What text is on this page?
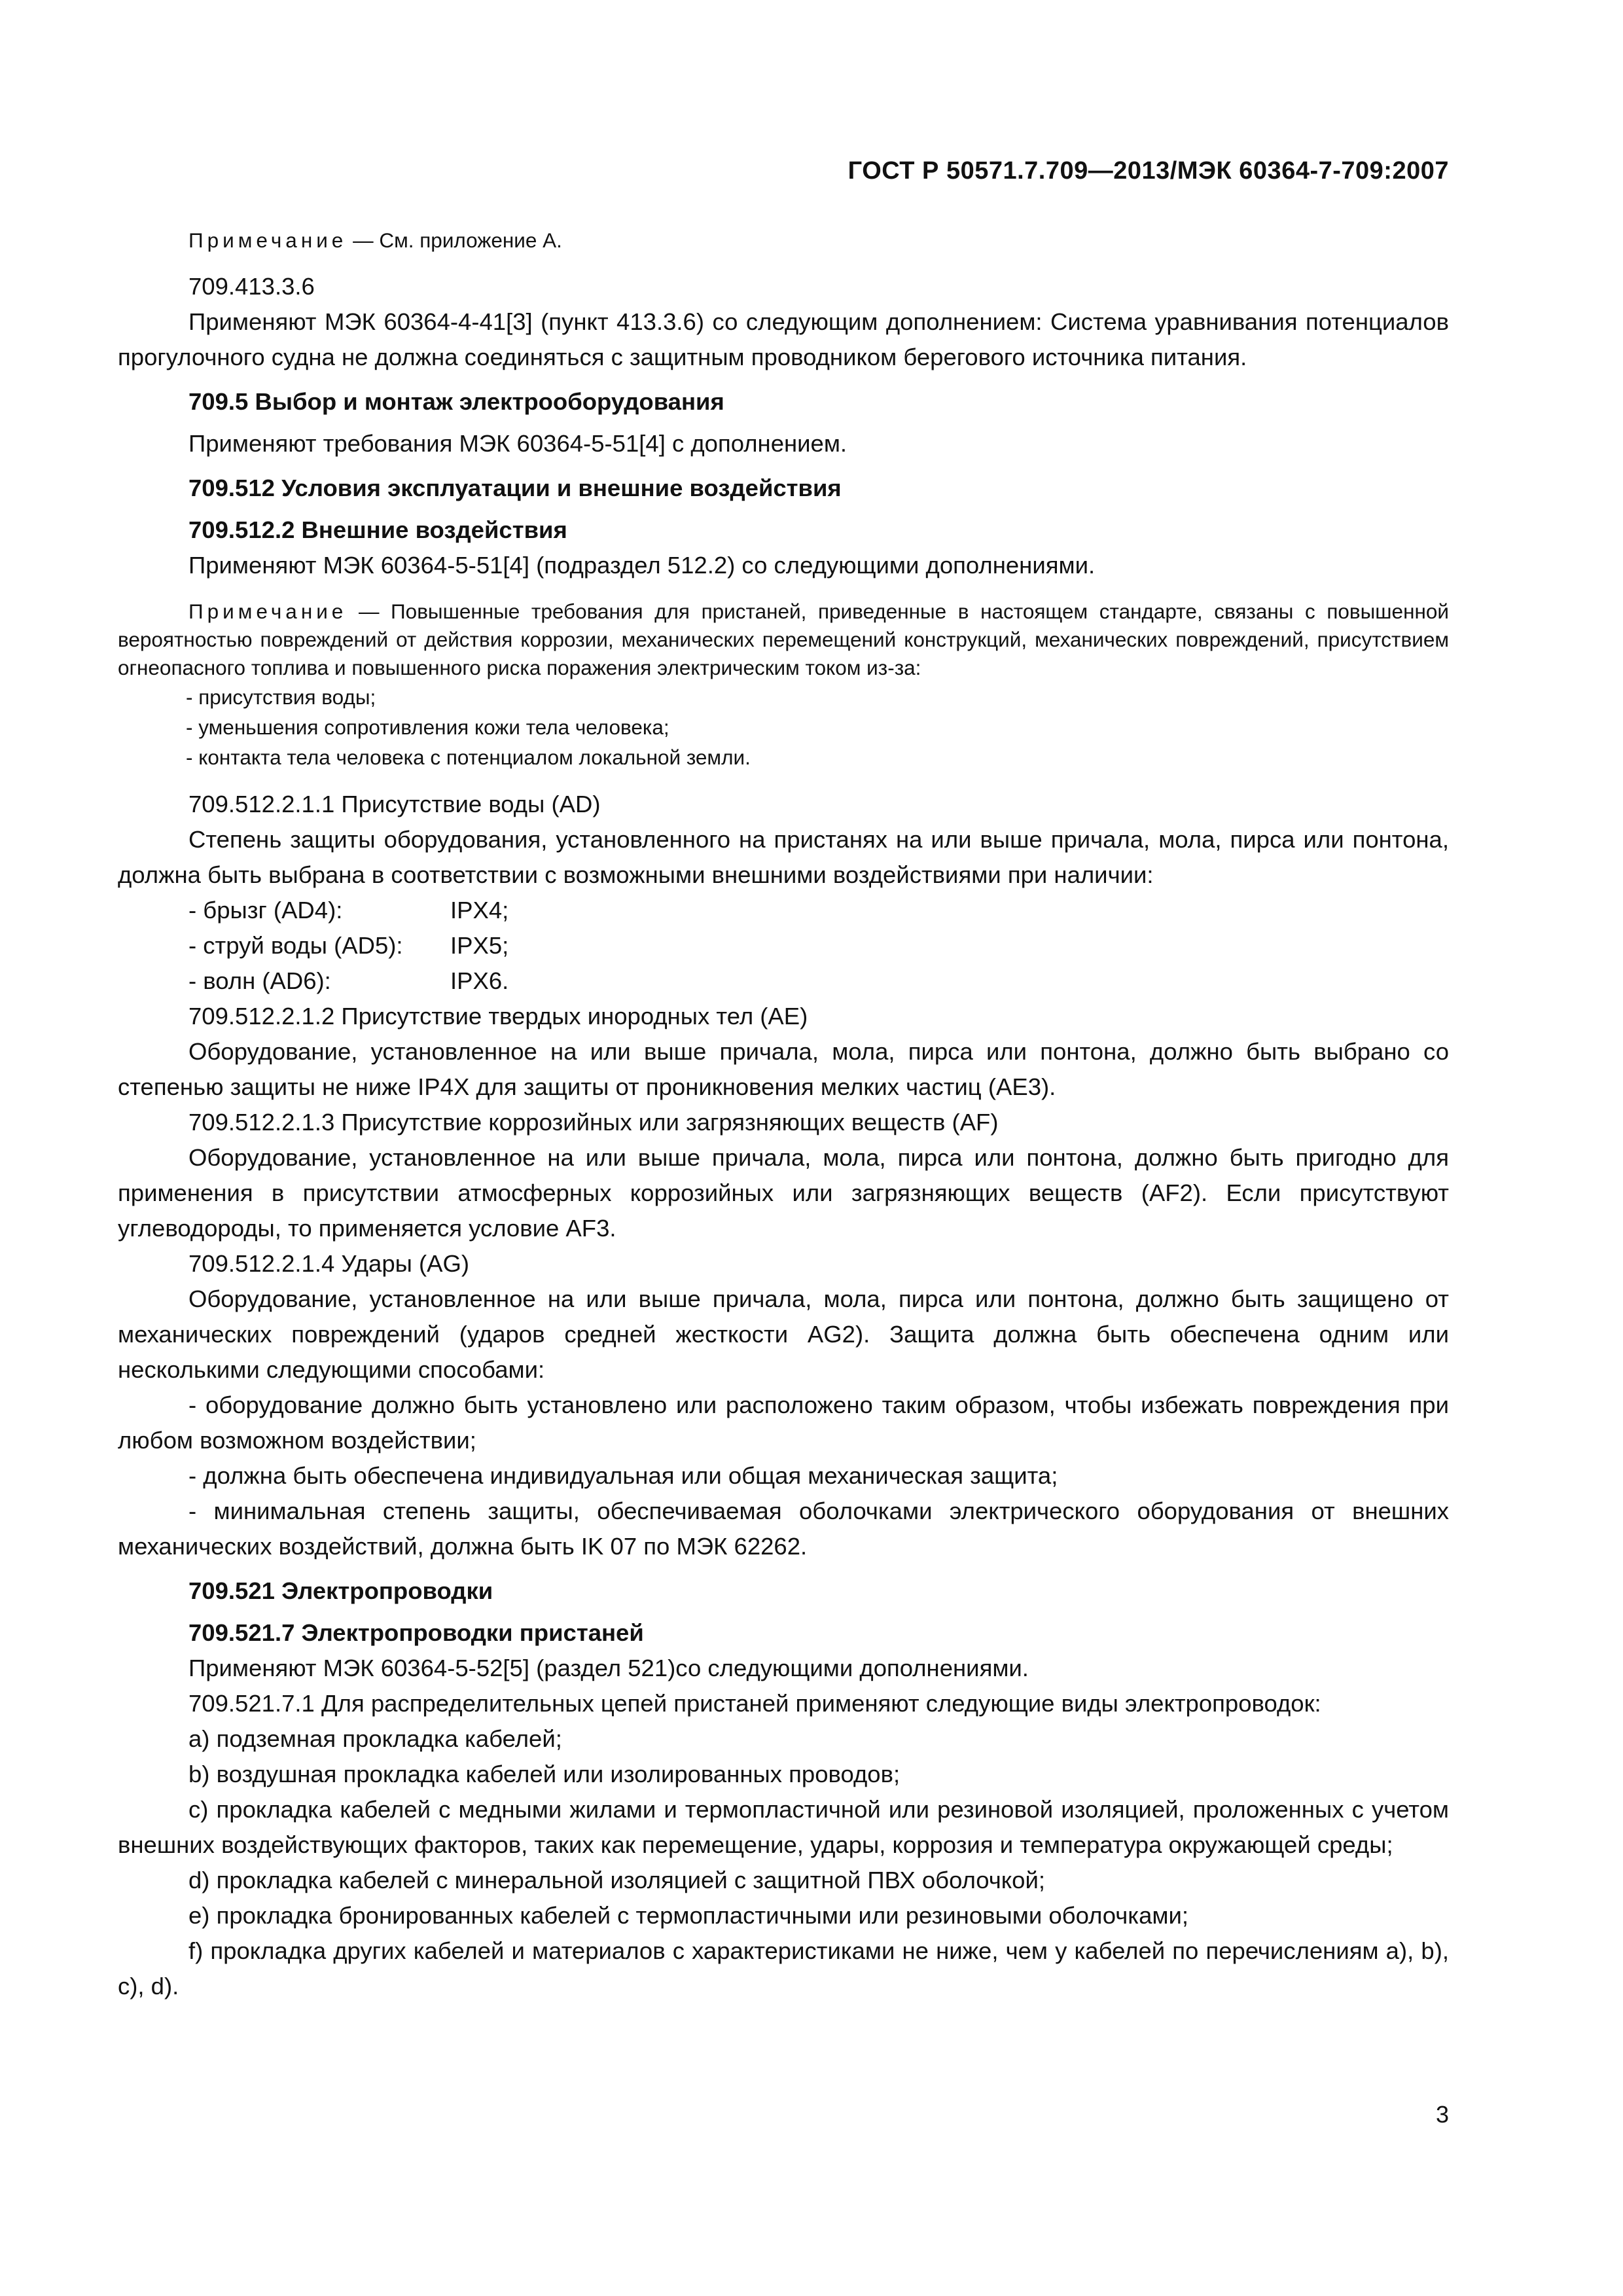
ГОСТ Р 50571.7.709—2013/МЭК 60364-7-709:2007

Примечание — См. приложение А.

709.413.3.6

Применяют МЭК 60364-4-41[3] (пункт 413.3.6) со следующим дополнением: Система уравнивания потенциалов прогулочного судна не должна соединяться с защитным проводником берегового источника питания.

709.5 Выбор и монтаж электрооборудования

Применяют требования МЭК 60364-5-51[4] с дополнением.

709.512 Условия эксплуатации и внешние воздействия

709.512.2 Внешние воздействия

Применяют МЭК 60364-5-51[4] (подраздел 512.2) со следующими дополнениями.

Примечание — Повышенные требования для пристаней, приведенные в настоящем стандарте, связаны с повышенной вероятностью повреждений от действия коррозии, механических перемещений конструкций, механических повреждений, присутствием огнеопасного топлива и повышенного риска поражения электрическим током из-за:

- присутствия воды;

- уменьшения сопротивления кожи тела человека;

- контакта тела человека с потенциалом локальной земли.

709.512.2.1.1 Присутствие воды (AD)

Степень защиты оборудования, установленного на пристанях на или выше причала, мола, пирса или понтона, должна быть выбрана в соответствии с возможными внешними воздействиями при наличии:

- брызг (AD4):	IPX4;

- струй воды (AD5): IPX5;

- волн (AD6):	IPX6.

709.512.2.1.2 Присутствие твердых инородных тел (AE)

Оборудование, установленное на или выше причала, мола, пирса или понтона, должно быть выбрано со степенью защиты не ниже IP4X для защиты от проникновения мелких частиц (AE3).

709.512.2.1.3 Присутствие коррозийных или загрязняющих веществ (AF)

Оборудование, установленное на или выше причала, мола, пирса или понтона, должно быть пригодно для применения в присутствии атмосферных коррозийных или загрязняющих веществ (AF2). Если присутствуют углеводороды, то применяется условие AF3.

709.512.2.1.4 Удары (AG)

Оборудование, установленное на или выше причала, мола, пирса или понтона, должно быть защищено от механических повреждений (ударов средней жесткости AG2). Защита должна быть обеспечена одним или несколькими следующими способами:

- оборудование должно быть установлено или расположено таким образом, чтобы избежать повреждения при любом возможном воздействии;

- должна быть обеспечена индивидуальная или общая механическая защита;

- минимальная степень защиты, обеспечиваемая оболочками электрического оборудования от внешних механических воздействий, должна быть IK 07 по МЭК 62262.

709.521 Электропроводки

709.521.7 Электропроводки пристаней

Применяют МЭК 60364-5-52[5] (раздел 521)со следующими дополнениями.

709.521.7.1 Для распределительных цепей пристаней применяют следующие виды электропроводок:

a) подземная прокладка кабелей;

b) воздушная прокладка кабелей или изолированных проводов;

c) прокладка кабелей с медными жилами и термопластичной или резиновой изоляцией, проложенных с учетом внешних воздействующих факторов, таких как перемещение, удары, коррозия и температура окружающей среды;

d) прокладка кабелей с минеральной изоляцией с защитной ПВХ оболочкой;

e) прокладка бронированных кабелей с термопластичными или резиновыми оболочками;

f) прокладка других кабелей и материалов с характеристиками не ниже, чем у кабелей по перечислениям a), b), c), d).

3
